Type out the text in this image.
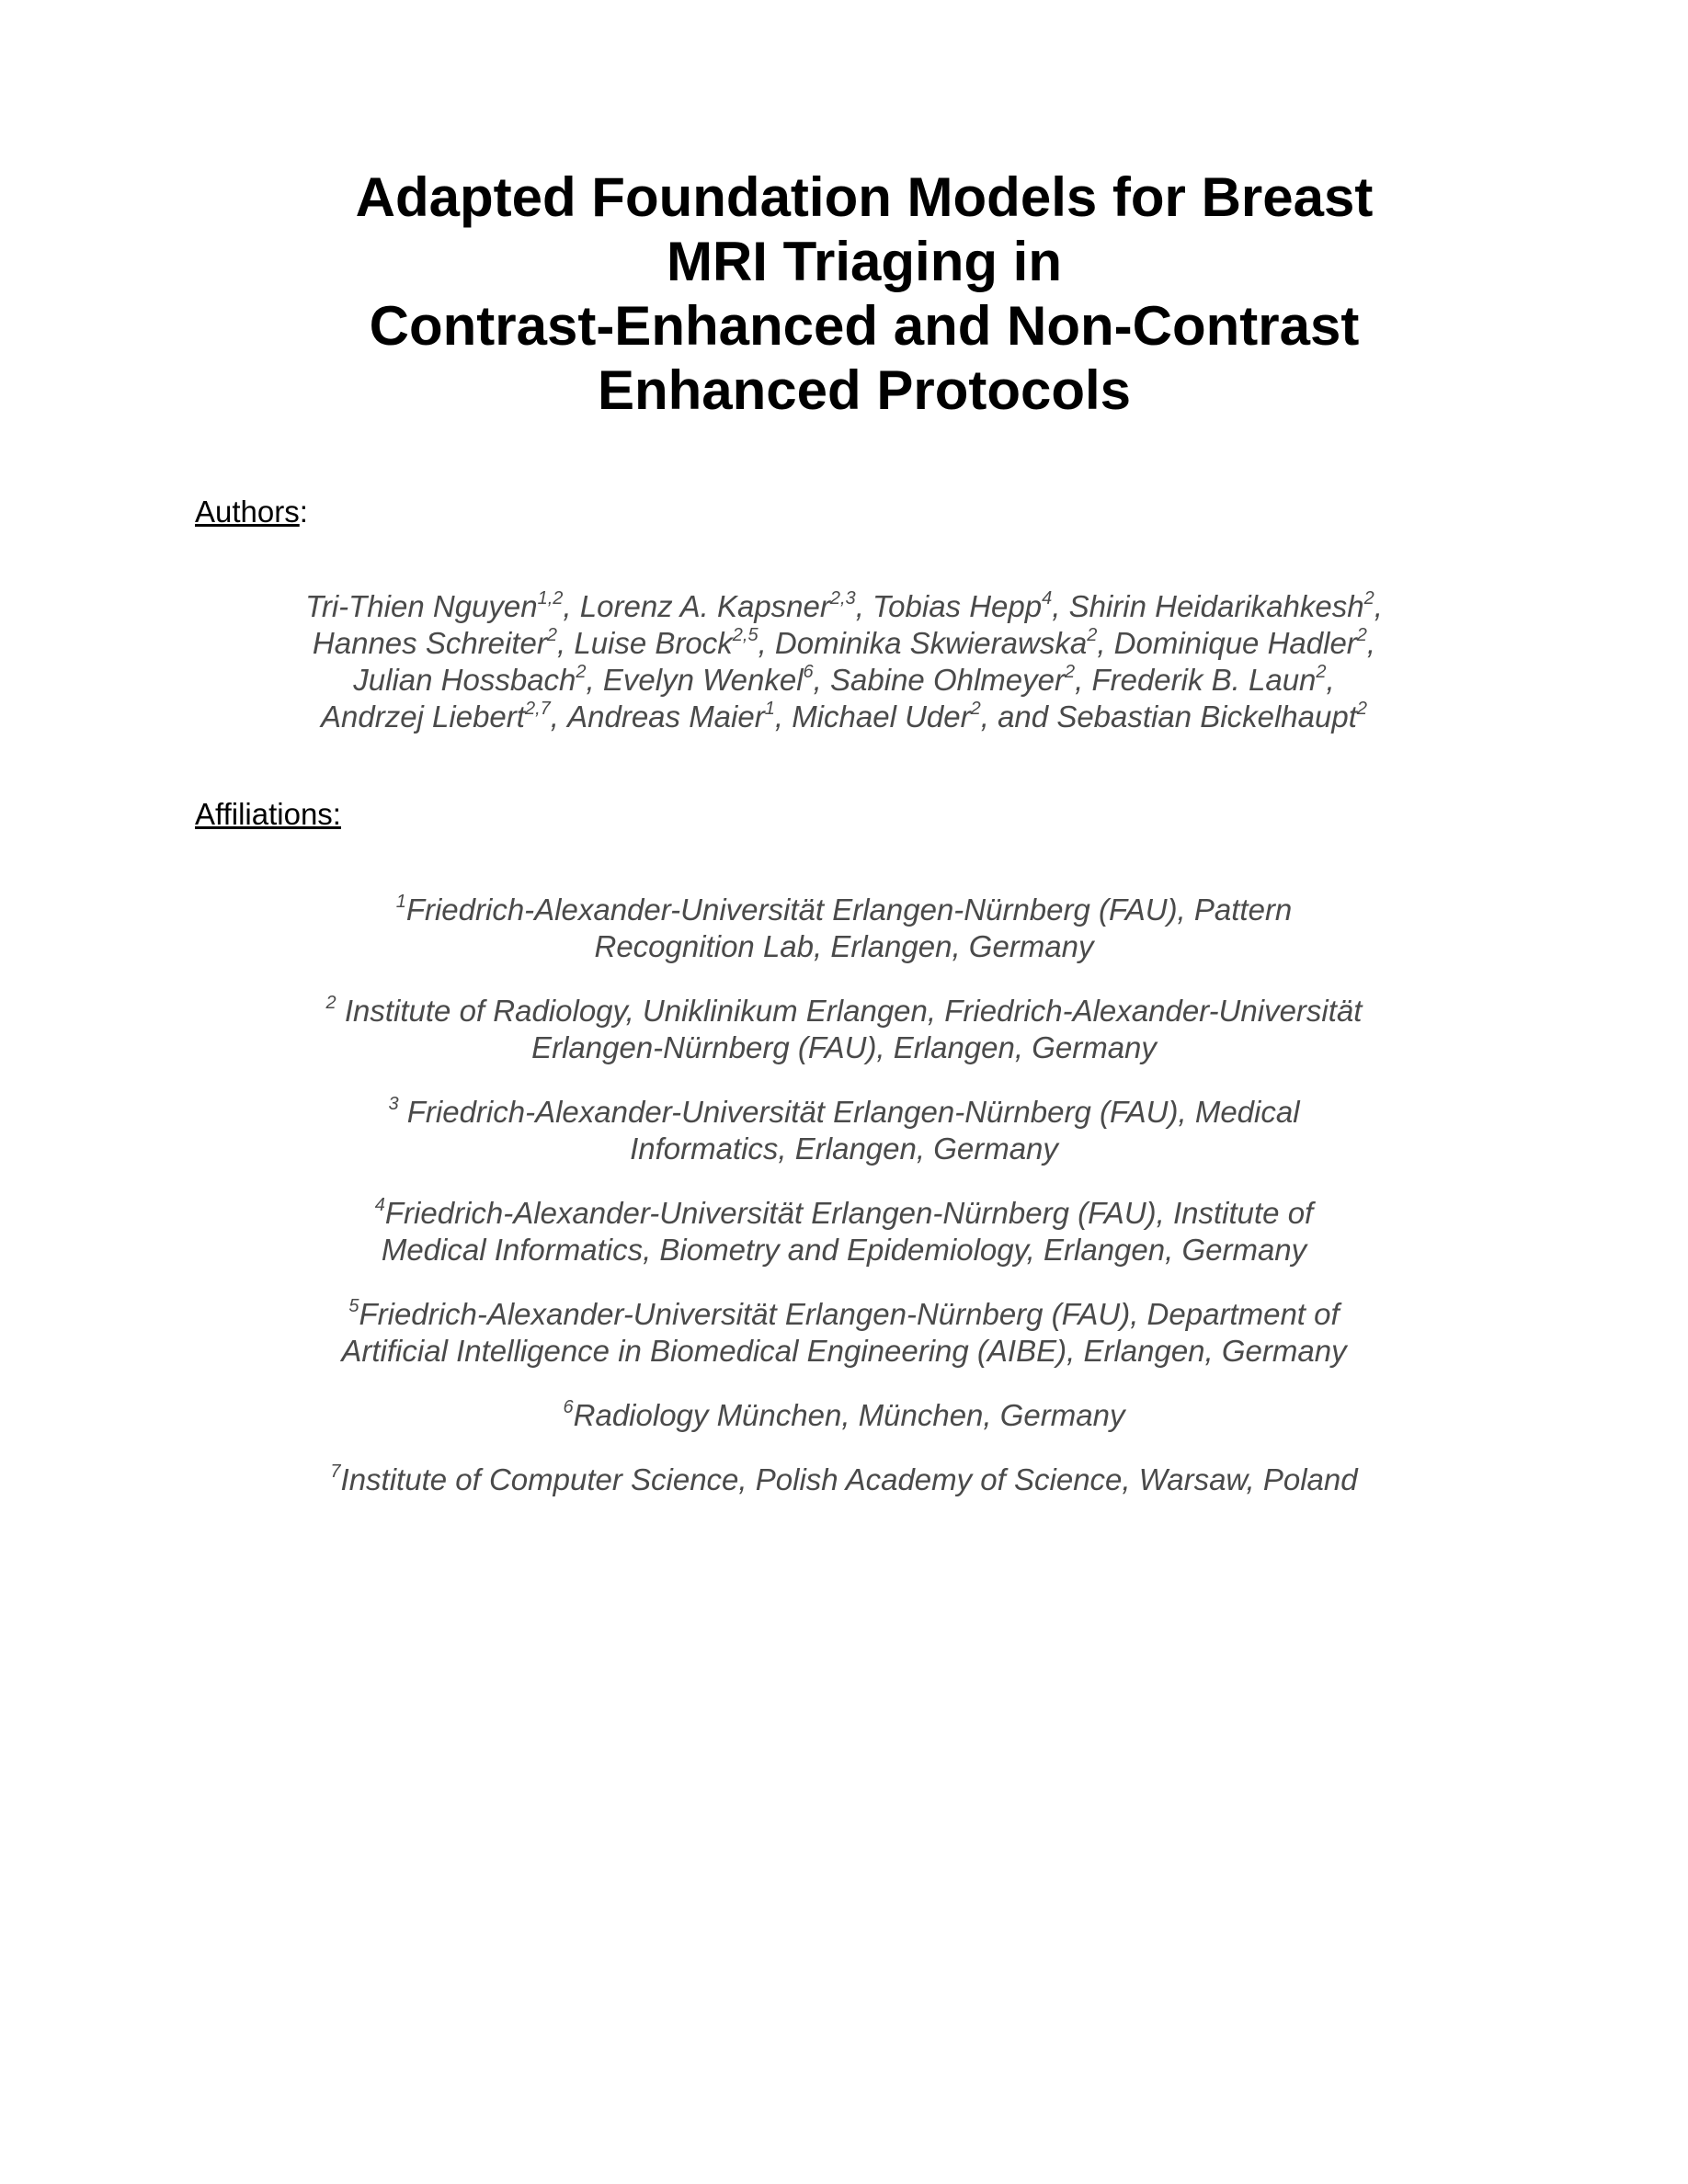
Adapted Foundation Models for Breast
MRI Triaging in
Contrast-Enhanced and Non-Contrast
Enhanced Protocols
Authors:
Tri-Thien Nguyen$^{1,2}$, Lorenz A. Kapsner$^{2,3}$, Tobias Hepp$^4$, Shirin Heidarikahkesh$^2$, Hannes Schreiter$^2$, Luise Brock$^{2,5}$, Dominika Skwierawska$^2$, Dominique Hadler$^2$, Julian Hossbach$^2$, Evelyn Wenkel$^6$, Sabine Ohlmeyer$^2$, Frederik B. Laun$^2$, Andrzej Liebert$^{2,7}$, Andreas Maier$^1$, Michael Uder$^2$, and Sebastian Bickelhaupt$^2$
Affiliations:
$^1$Friedrich-Alexander-Universität Erlangen-Nürnberg (FAU), Pattern
Recognition Lab, Erlangen, Germany
$^2$ Institute of Radiology, Uniklinikum Erlangen, Friedrich-Alexander-Universität
Erlangen-Nürnberg (FAU), Erlangen, Germany
$^3$ Friedrich-Alexander-Universität Erlangen-Nürnberg (FAU), Medical
Informatics, Erlangen, Germany
$^4$Friedrich-Alexander-Universität Erlangen-Nürnberg (FAU), Institute of
Medical Informatics, Biometry and Epidemiology, Erlangen, Germany
$^5$Friedrich-Alexander-Universität Erlangen-Nürnberg (FAU), Department of
Artificial Intelligence in Biomedical Engineering (AIBE), Erlangen, Germany
$^6$Radiology München, München, Germany
$^7$Institute of Computer Science, Polish Academy of Science, Warsaw, Poland
